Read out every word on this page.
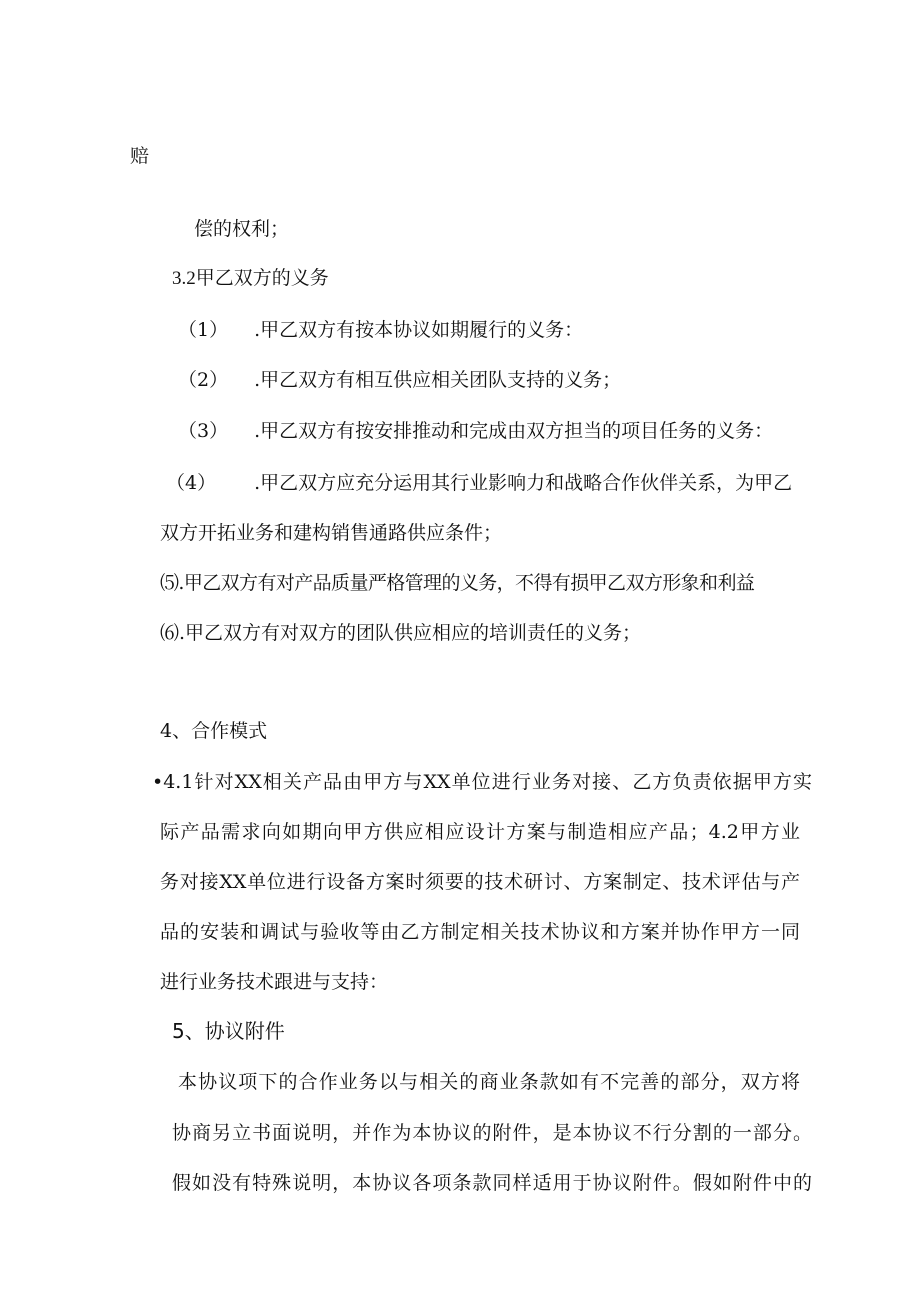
赔

偿的权利；

3.2甲乙双方的义务

（1） .甲乙双方有按本协议如期履行的义务：

（2） .甲乙双方有相互供应相关团队支持的义务；

（3） .甲乙双方有按安排推动和完成由双方担当的项目任务的义务：

（4） .甲乙双方应充分运用其行业影响力和战略合作伙伴关系，为甲乙

双方开拓业务和建构销售通路供应条件；

⑸.甲乙双方有对产品质量严格管理的义务，不得有损甲乙双方形象和利益

⑹.甲乙双方有对双方的团队供应相应的培训责任的义务；

4、合作模式

•4.1针对XX相关产品由甲方与XX单位进行业务对接、乙方负责依据甲方实

际产品需求向如期向甲方供应相应设计方案与制造相应产品；4.2甲方业

务对接XX单位进行设备方案时须要的技术研讨、方案制定、技术评估与产

品的安装和调试与验收等由乙方制定相关技术协议和方案并协作甲方一同

进行业务技术跟进与支持：

5、协议附件

本协议项下的合作业务以与相关的商业条款如有不完善的部分，双方将

协商另立书面说明，并作为本协议的附件，是本协议不行分割的一部分。

假如没有特殊说明，本协议各项条款同样适用于协议附件。假如附件中的
